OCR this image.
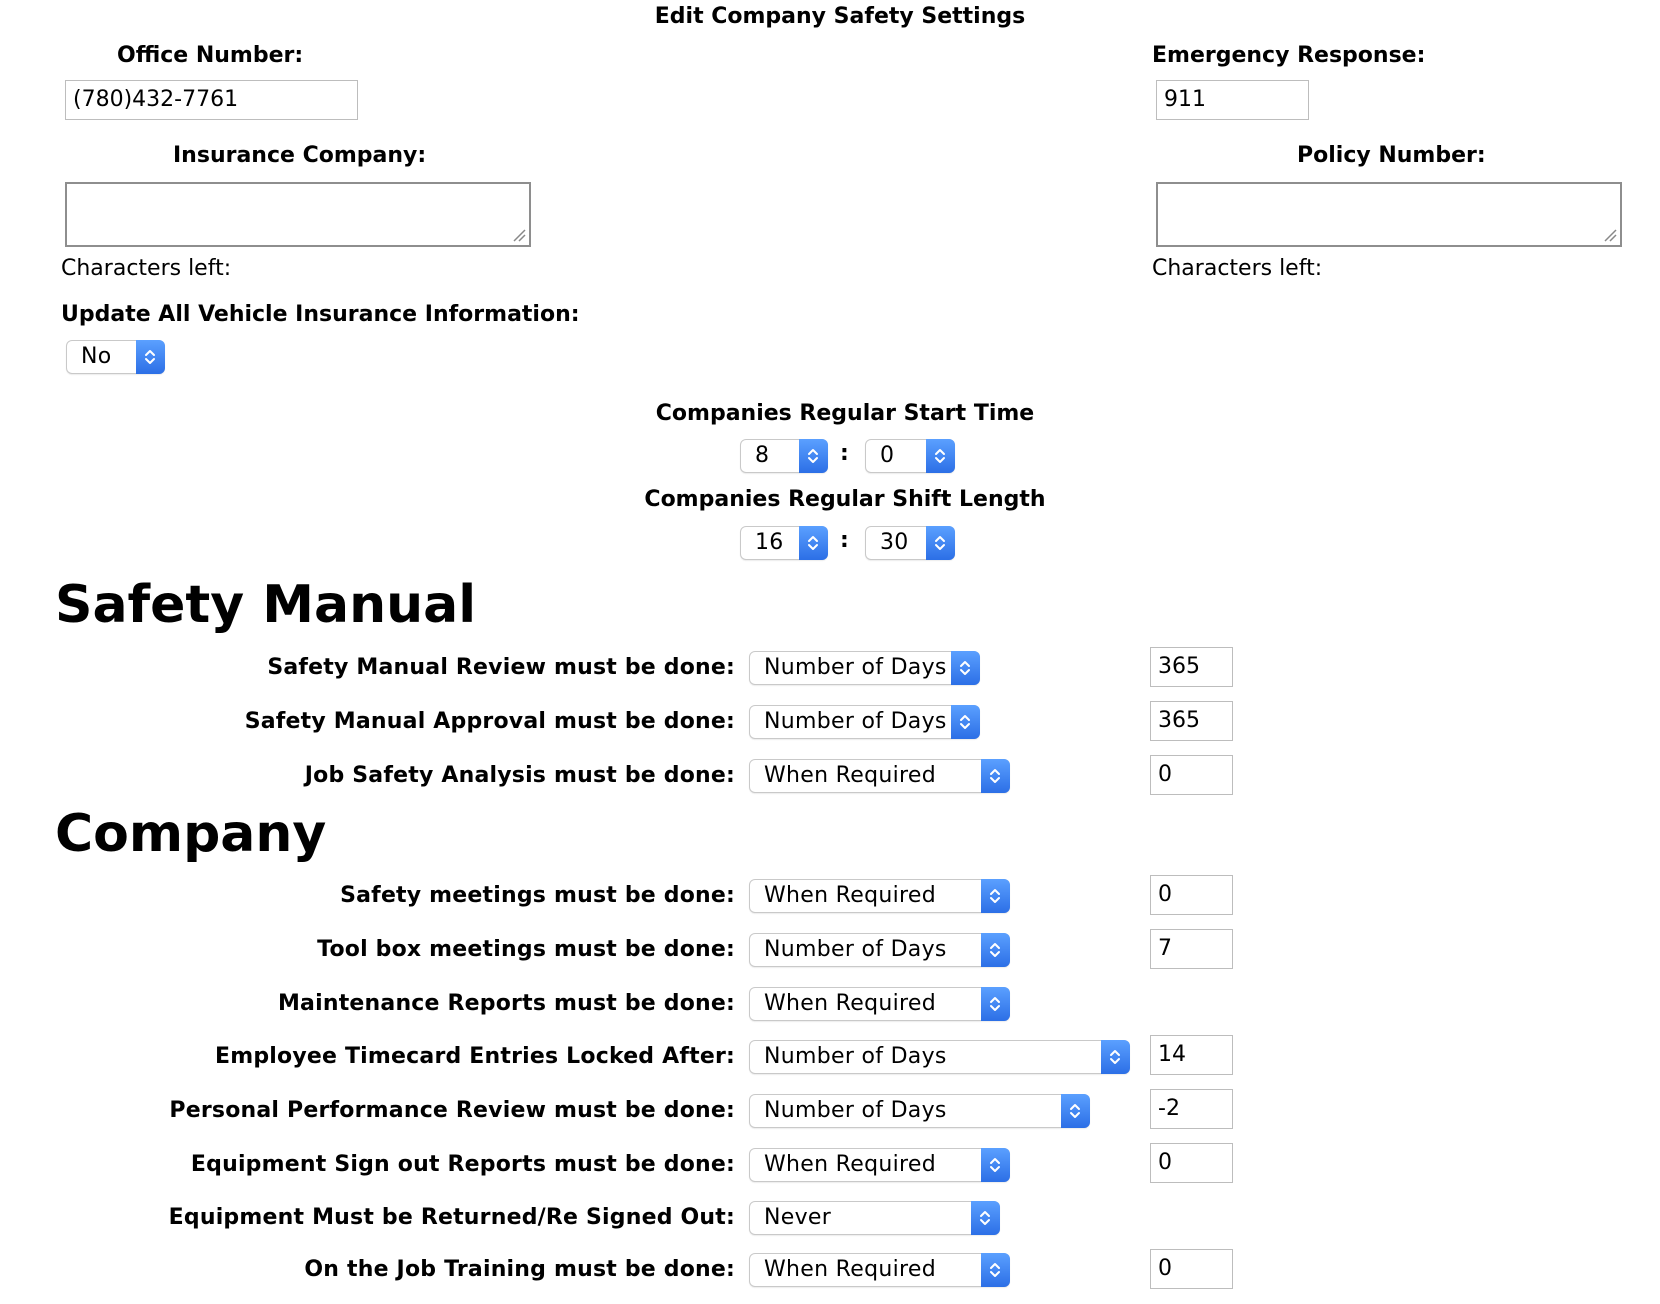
Edit Company Safety Settings
Office Number:
(780)432-7761
Emergency Response:
911
Insurance Company:
Characters left:
Policy Number:
Characters left:
Update All Vehicle Insurance Information:
No
Companies Regular Start Time
8	:	0
Companies Regular Shift Length
16	:	30
Safety Manual
Safety Manual Review must be done:	Number of Days	365
Safety Manual Approval must be done:	Number of Days	365
Job Safety Analysis must be done:	When Required	0
Company
Safety meetings must be done:	When Required	0
Tool box meetings must be done:	Number of Days	7
Maintenance Reports must be done:	When Required
Employee Timecard Entries Locked After:	Number of Days	14
Personal Performance Review must be done:	Number of Days	-2
Equipment Sign out Reports must be done:	When Required	0
Equipment Must be Returned/Re Signed Out:	Never
On the Job Training must be done:	When Required	0
